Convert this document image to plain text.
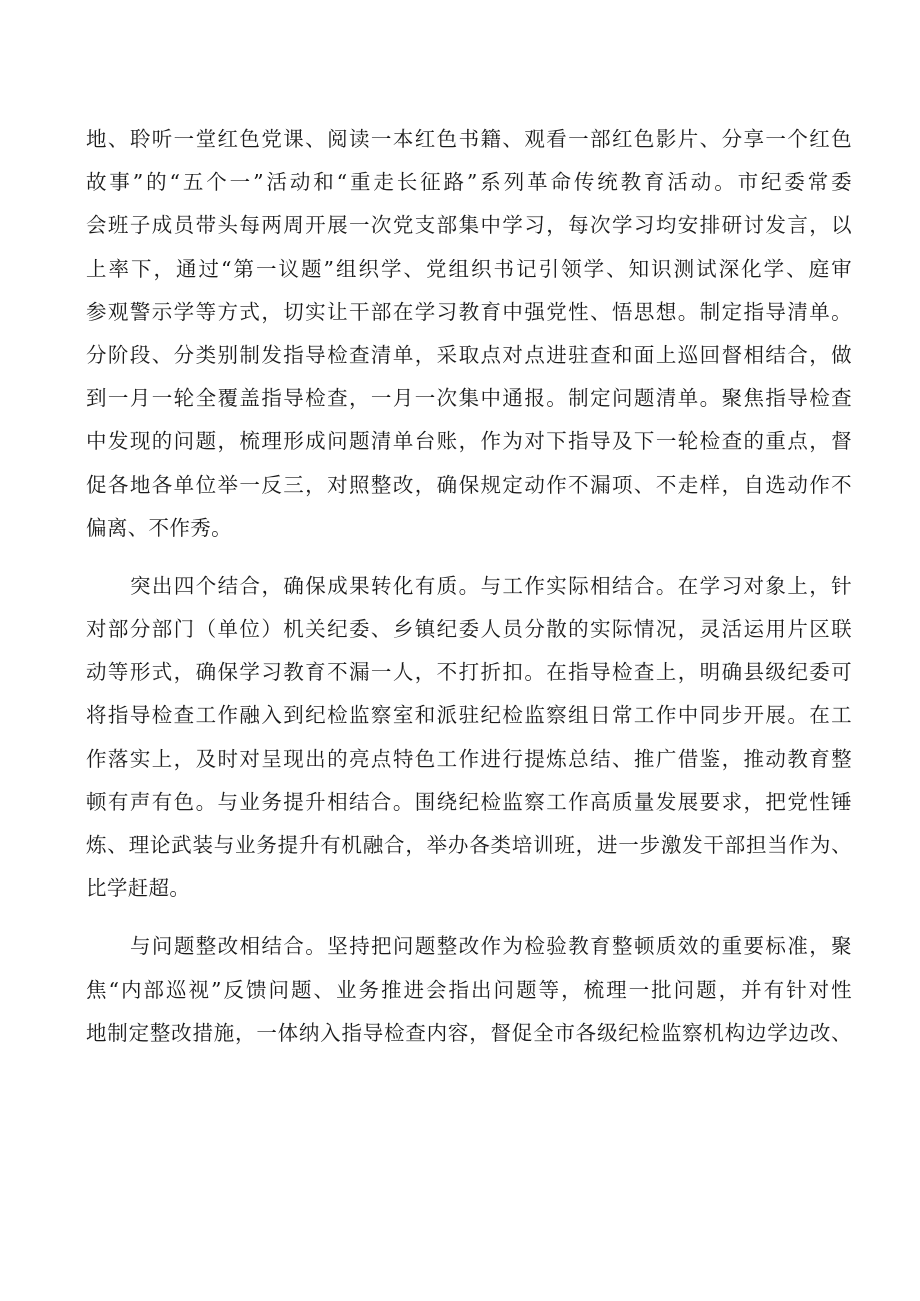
地、聆听一堂红色党课、阅读一本红色书籍、观看一部红色影片、分享一个红色
故事”的“五个一”活动和“重走长征路”系列革命传统教育活动。市纪委常委
会班子成员带头每两周开展一次党支部集中学习，每次学习均安排研讨发言，以
上率下，通过“第一议题”组织学、党组织书记引领学、知识测试深化学、庭审
参观警示学等方式，切实让干部在学习教育中强党性、悟思想。制定指导清单。
分阶段、分类别制发指导检查清单，采取点对点进驻查和面上巡回督相结合，做
到一月一轮全覆盖指导检查，一月一次集中通报。制定问题清单。聚焦指导检查
中发现的问题，梳理形成问题清单台账，作为对下指导及下一轮检查的重点，督
促各地各单位举一反三，对照整改，确保规定动作不漏项、不走样，自选动作不
偏离、不作秀。

突出四个结合，确保成果转化有质。与工作实际相结合。在学习对象上，针
对部分部门（单位）机关纪委、乡镇纪委人员分散的实际情况，灵活运用片区联
动等形式，确保学习教育不漏一人，不打折扣。在指导检查上，明确县级纪委可
将指导检查工作融入到纪检监察室和派驻纪检监察组日常工作中同步开展。在工
作落实上，及时对呈现出的亮点特色工作进行提炼总结、推广借鉴，推动教育整
顿有声有色。与业务提升相结合。围绕纪检监察工作高质量发展要求，把党性锤
炼、理论武装与业务提升有机融合，举办各类培训班，进一步激发干部担当作为、
比学赶超。

与问题整改相结合。坚持把问题整改作为检验教育整顿质效的重要标准，聚
焦“内部巡视”反馈问题、业务推进会指出问题等，梳理一批问题，并有针对性
地制定整改措施，一体纳入指导检查内容，督促全市各级纪检监察机构边学边改、
